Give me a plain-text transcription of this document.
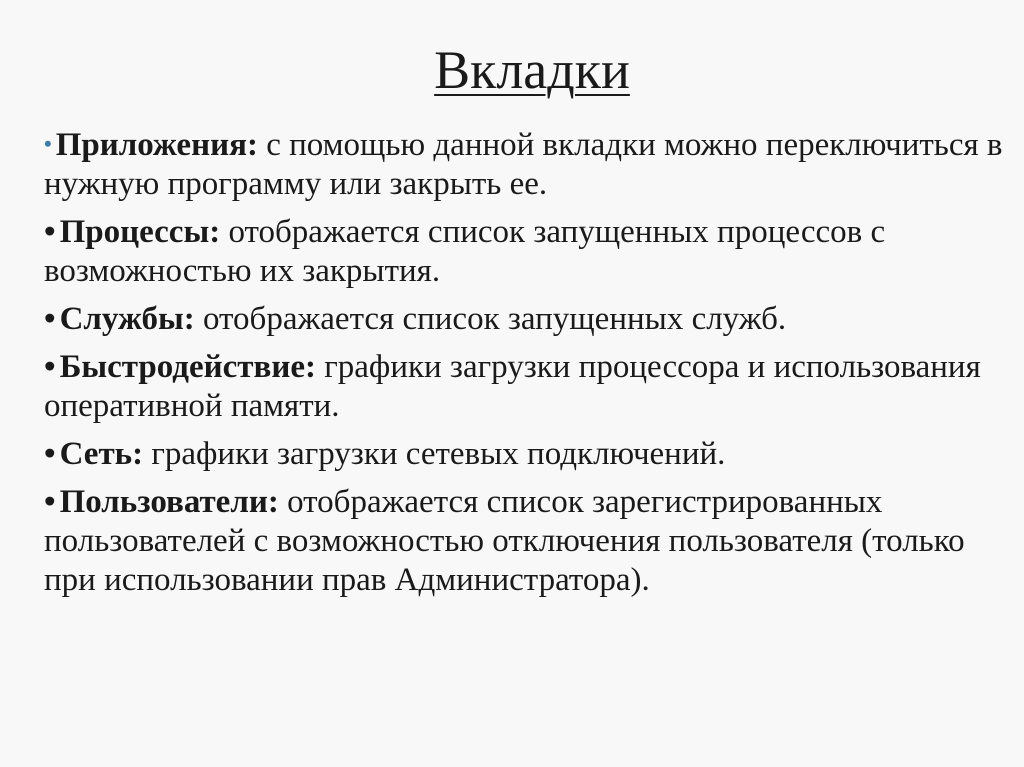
Вкладки
• Приложения: с помощью данной вкладки можно переключиться в нужную программу или закрыть ее.
• Процессы: отображается список запущенных процессов с возможностью их закрытия.
• Службы: отображается список запущенных служб.
• Быстродействие: графики загрузки процессора и использования оперативной памяти.
• Сеть: графики загрузки сетевых подключений.
• Пользователи: отображается список зарегистрированных пользователей с возможностью отключения пользователя (только при использовании прав Администратора).
